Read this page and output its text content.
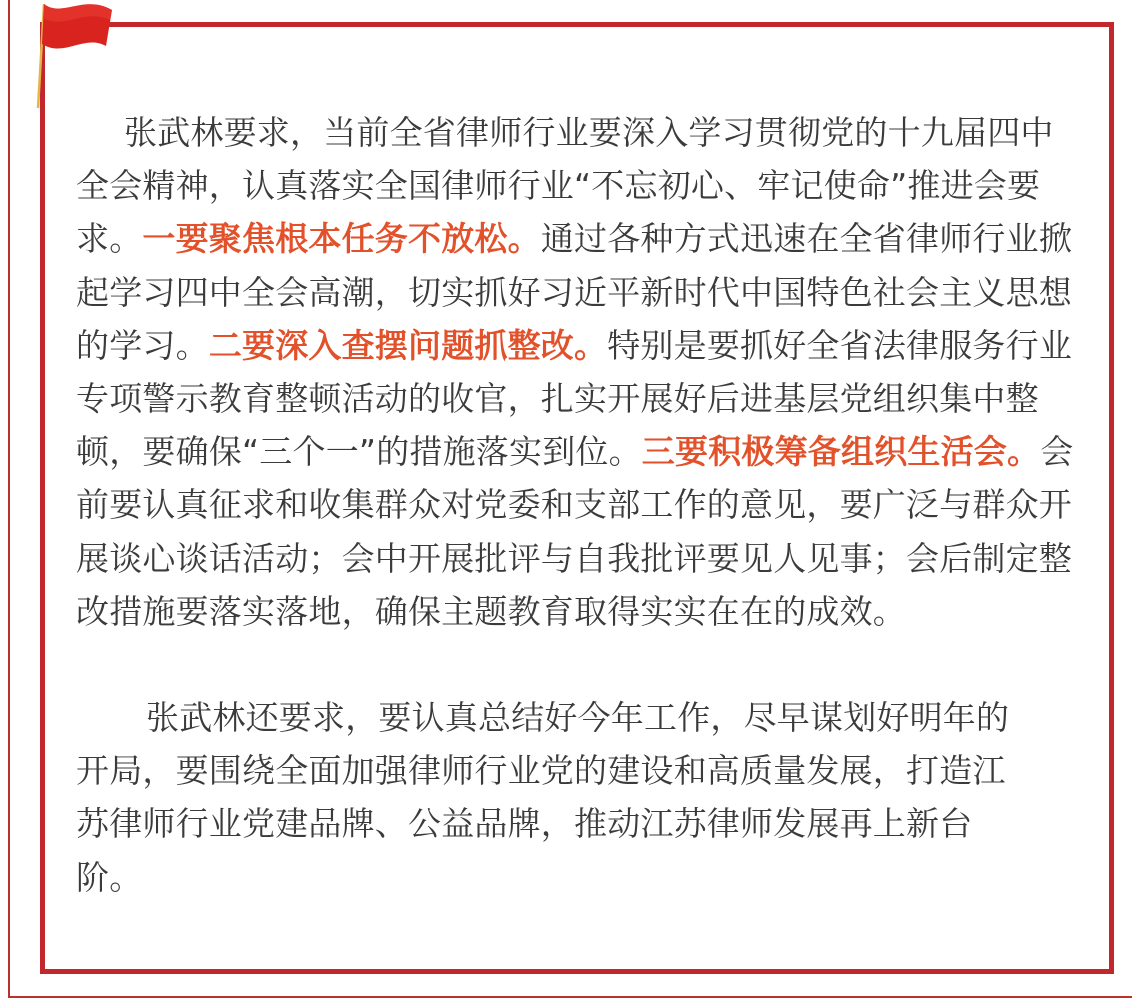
张武林要求，当前全省律师行业要深入学习贯彻党的十九届四中全会精神，认真落实全国律师行业“不忘初心、牢记使命”推进会要求。一要聚焦根本任务不放松。通过各种方式迅速在全省律师行业掀起学习四中全会高潮，切实抓好习近平新时代中国特色社会主义思想的学习。二要深入查摆问题抓整改。特别是要抓好全省法律服务行业专项警示教育整顿活动的收官，扎实开展好后进基层党组织集中整顿，要确保“三个一”的措施落实到位。三要积极筹备组织生活会。会前要认真征求和收集群众对党委和支部工作的意见，要广泛与群众开展谈心谈话活动；会中开展批评与自我批评要见人见事；会后制定整改措施要落实落地，确保主题教育取得实实在在的成效。

张武林还要求，要认真总结好今年工作，尽早谋划好明年的开局，要围绕全面加强律师行业党的建设和高质量发展，打造江苏律师行业党建品牌、公益品牌，推动江苏律师发展再上新台阶。
